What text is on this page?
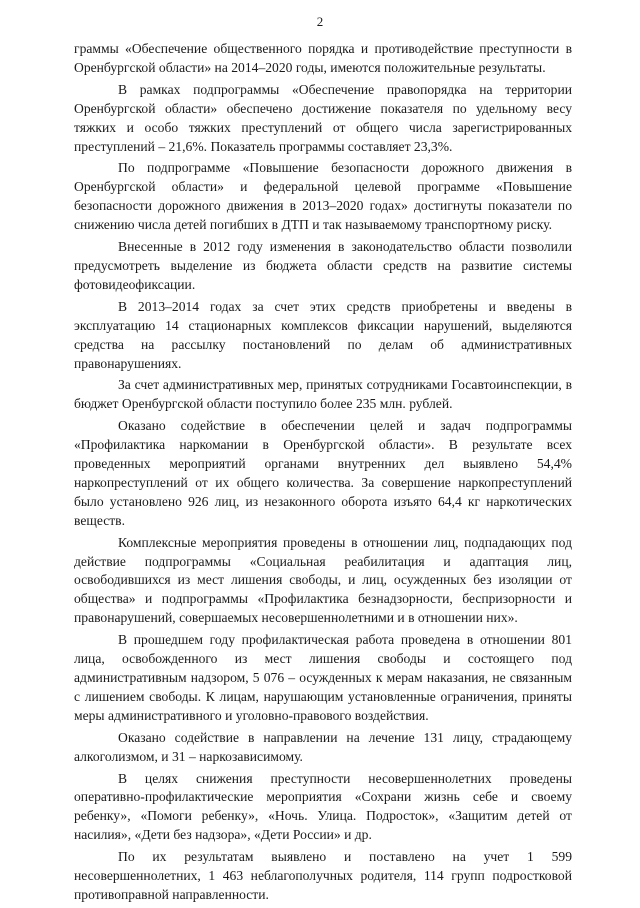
2

граммы «Обеспечение общественного порядка и противодействие преступности в Оренбургской области» на 2014–2020 годы, имеются положительные результаты.

В рамках подпрограммы «Обеспечение правопорядка на территории Оренбургской области» обеспечено достижение показателя по удельному весу тяжких и особо тяжких преступлений от общего числа зарегистрированных преступлений – 21,6%. Показатель программы составляет 23,3%.

По подпрограмме «Повышение безопасности дорожного движения в Оренбургской области» и федеральной целевой программе «Повышение безопасности дорожного движения в 2013–2020 годах» достигнуты показатели по снижению числа детей погибших в ДТП и так называемому транспортному риску.

Внесенные в 2012 году изменения в законодательство области позволили предусмотреть выделение из бюджета области средств на развитие системы фотовидеофиксации.

В 2013–2014 годах за счет этих средств приобретены и введены в эксплуатацию 14 стационарных комплексов фиксации нарушений, выделяются средства на рассылку постановлений по делам об административных правонарушениях.

За счет административных мер, принятых сотрудниками Госавтоинспекции, в бюджет Оренбургской области поступило более 235 млн. рублей.

Оказано содействие в обеспечении целей и задач подпрограммы «Профилактика наркомании в Оренбургской области». В результате всех проведенных мероприятий органами внутренних дел выявлено 54,4% наркопреступлений от их общего количества. За совершение наркопреступлений было установлено 926 лиц, из незаконного оборота изъято 64,4 кг наркотических веществ.

Комплексные мероприятия проведены в отношении лиц, подпадающих под действие подпрограммы «Социальная реабилитация и адаптация лиц, освободившихся из мест лишения свободы, и лиц, осужденных без изоляции от общества» и подпрограммы «Профилактика безнадзорности, беспризорности и правонарушений, совершаемых несовершеннолетними и в отношении них».

В прошедшем году профилактическая работа проведена в отношении 801 лица, освобожденного из мест лишения свободы и состоящего под административным надзором, 5 076 – осужденных к мерам наказания, не связанным с лишением свободы. К лицам, нарушающим установленные ограничения, приняты меры административного и уголовно-правового воздействия.

Оказано содействие в направлении на лечение 131 лицу, страдающему алкоголизмом, и 31 – наркозависимому.

В целях снижения преступности несовершеннолетних проведены оперативно-профилактические мероприятия «Сохрани жизнь себе и своему ребенку», «Помоги ребенку», «Ночь. Улица. Подросток», «Защитим детей от насилия», «Дети без надзора», «Дети России» и др.

По их результатам выявлено и поставлено на учет 1 599 несовершеннолетних, 1 463 неблагополучных родителя, 114 групп подростковой противоправной направленности.
